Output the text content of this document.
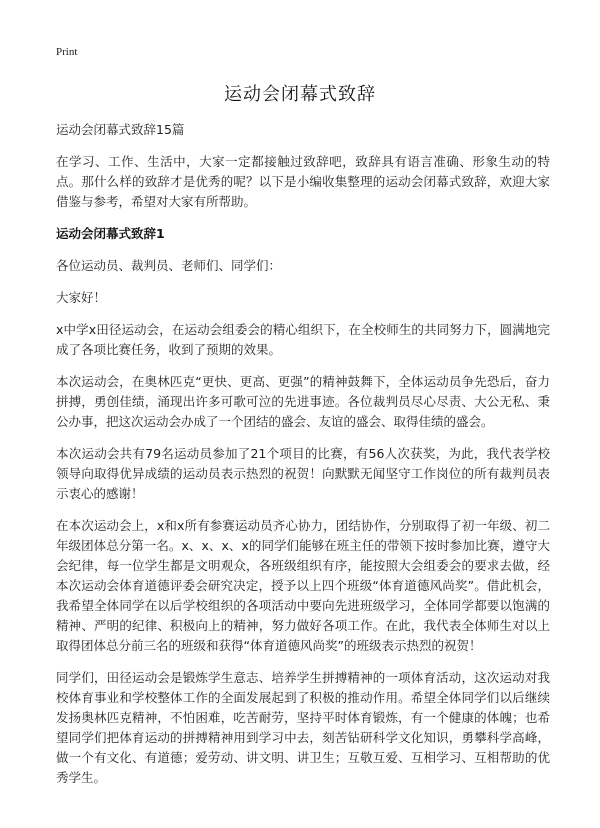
Print
运动会闭幕式致辞

运动会闭幕式致辞15篇

在学习、工作、生活中，大家一定都接触过致辞吧，致辞具有语言准确、形象生动的特点。那什么样的致辞才是优秀的呢？以下是小编收集整理的运动会闭幕式致辞，欢迎大家借鉴与参考，希望对大家有所帮助。

运动会闭幕式致辞1

各位运动员、裁判员、老师们、同学们：

大家好！

x中学x田径运动会，在运动会组委会的精心组织下，在全校师生的共同努力下，圆满地完成了各项比赛任务，收到了预期的效果。

本次运动会，在奥林匹克“更快、更高、更强”的精神鼓舞下，全体运动员争先恐后，奋力拼搏，勇创佳绩，涌现出许多可歌可泣的先进事迹。各位裁判员尽心尽责、大公无私、秉公办事，把这次运动会办成了一个团结的盛会、友谊的盛会、取得佳绩的盛会。

本次运动会共有79名运动员参加了21个项目的比赛，有56人次获奖，为此，我代表学校领导向取得优异成绩的运动员表示热烈的祝贺！向默默无闻坚守工作岗位的所有裁判员表示衷心的感谢！

在本次运动会上，x和x所有参赛运动员齐心协力，团结协作，分别取得了初一年级、初二年级团体总分第一名。x、x、x、x的同学们能够在班主任的带领下按时参加比赛，遵守大会纪律，每一位学生都是文明观众，各班级组织有序，能按照大会组委会的要求去做，经本次运动会体育道德评委会研究决定，授予以上四个班级“体育道德风尚奖”。借此机会，我希望全体同学在以后学校组织的各项活动中要向先进班级学习，全体同学都要以饱满的精神、严明的纪律、积极向上的精神，努力做好各项工作。在此，我代表全体师生对以上取得团体总分前三名的班级和获得“体育道德风尚奖”的班级表示热烈的祝贺！

同学们，田径运动会是锻炼学生意志、培养学生拼搏精神的一项体育活动，这次运动对我校体育事业和学校整体工作的全面发展起到了积极的推动作用。希望全体同学们以后继续发扬奥林匹克精神，不怕困难，吃苦耐劳，坚持平时体育锻炼，有一个健康的体魄；也希望同学们把体育运动的拼搏精神用到学习中去，刻苦钻研科学文化知识，勇攀科学高峰，做一个有文化、有道德；爱劳动、讲文明、讲卫生；互敬互爱、互相学习、互相帮助的优秀学生。
